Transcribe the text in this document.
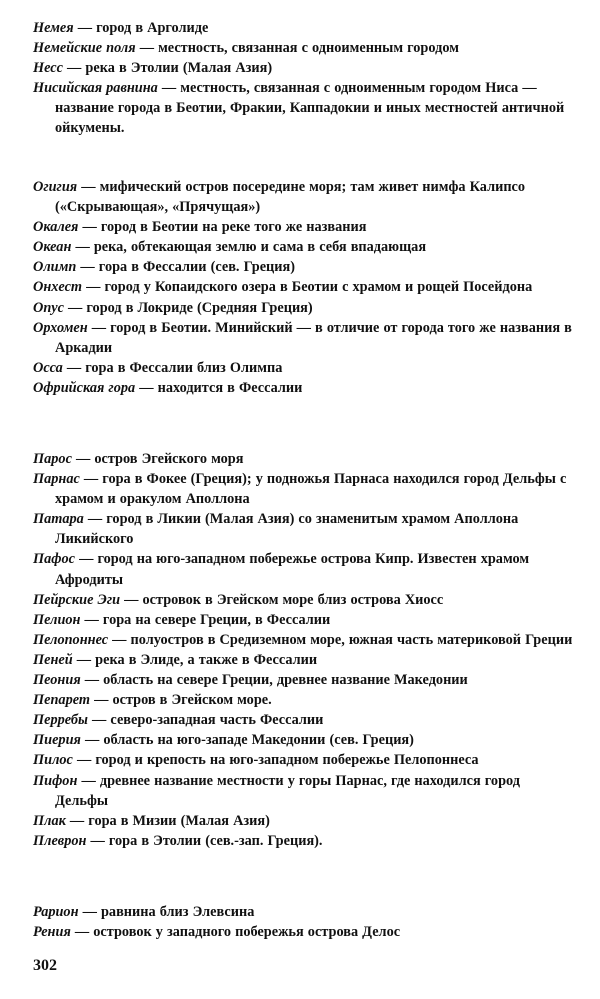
Немея — город в Арголиде
Немейские поля — местность, связанная с одноименным городом
Несс — река в Этолии (Малая Азия)
Нисийская равнина — местность, связанная с одноименным городом Ниса — название города в Беотии, Фракии, Каппадокии и иных местностей античной ойкумены.
Огигия — мифический остров посередине моря; там живет нимфа Калипсо («Скрывающая», «Прячущая»)
Окалея — город в Беотии на реке того же названия
Океан — река, обтекающая землю и сама в себя впадающая
Олимп — гора в Фессалии (сев. Греция)
Онхест — город у Копаидского озера в Беотии с храмом и рощей Посейдона
Опус — город в Локриде (Средняя Греция)
Орхомен — город в Беотии. Минийский — в отличие от города того же названия в Аркадии
Осса — гора в Фессалии близ Олимпа
Офрийская гора — находится в Фессалии
Парос — остров Эгейского моря
Парнас — гора в Фокее (Греция); у подножья Парнаса находился город Дельфы с храмом и оракулом Аполлона
Патара — город в Ликии (Малая Азия) со знаменитым храмом Аполлона Ликийского
Пафос — город на юго-западном побережье острова Кипр. Известен храмом Афродиты
Пейрские Эги — островок в Эгейском море близ острова Хиосс
Пелион — гора на севере Греции, в Фессалии
Пелопоннес — полуостров в Средиземном море, южная часть материковой Греции
Пеней — река в Элиде, а также в Фессалии
Пеония — область на севере Греции, древнее название Македонии
Пепарет — остров в Эгейском море.
Перребы — северо-западная часть Фессалии
Пиерия — область на юго-западе Македонии (сев. Греция)
Пилос — город и крепость на юго-западном побережье Пелопоннеса
Пифон — древнее название местности у горы Парнас, где находился город Дельфы
Плак — гора в Мизии (Малая Азия)
Плеврон — гора в Этолии (сев.-зап. Греция).
Рарион — равнина близ Элевсина
Рения — островок у западного побережья острова Делос
302
